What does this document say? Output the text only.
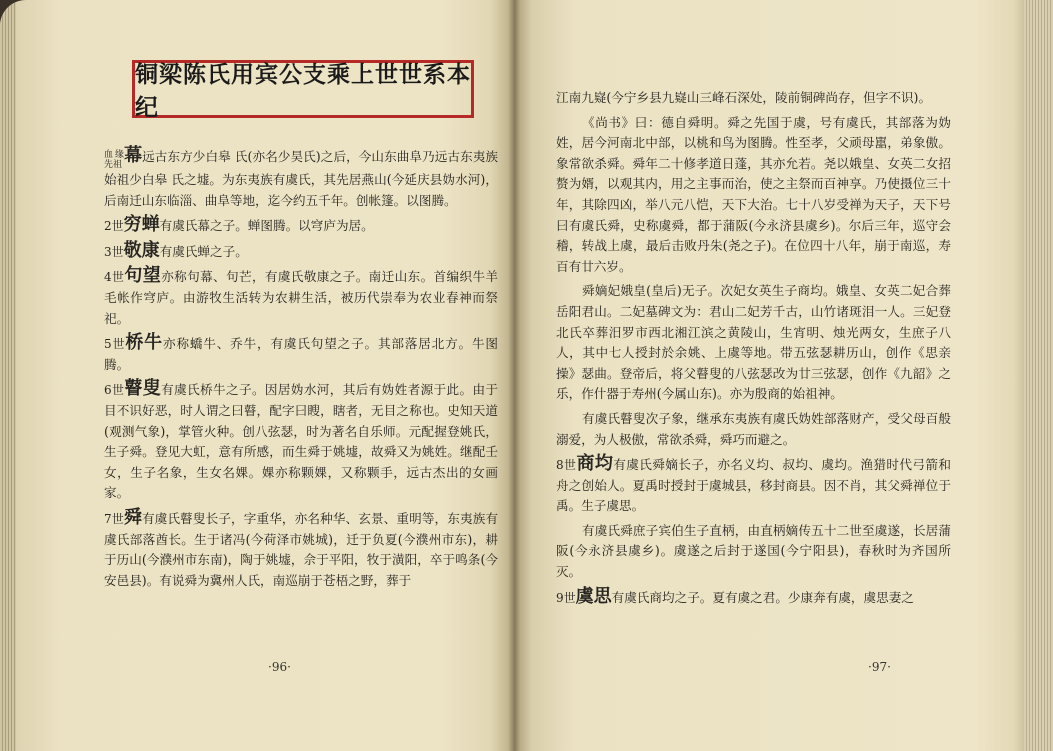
铜梁陈氏用宾公支乘上世世系本纪

血缘先祖 幕远古东方少白皋 氏(亦名少昊氏)之后，今山东曲阜乃远古东夷族始祖少白皋 氏之墟。为东夷族有虞氏，其先居燕山(今延庆县妫水河)，后南迁山东临淄、曲阜等地，迄今约五千年。创帐篷。以图腾。

2世穷蝉有虞氏幕之子。蝉图腾。以穹庐为居。

3世敬康有虞氏蝉之子。

4世句望亦称句幕、句芒，有虞氏敬康之子。南迁山东。首编织牛羊毛帐作穹庐。由游牧生活转为农耕生活，被历代崇奉为农业春神而祭祀。

5世桥牛亦称蟜牛、乔牛，有虞氏句望之子。其部落居北方。牛图腾。

6世瞽叟有虞氏桥牛之子。因居妫水河，其后有妫姓者源于此。由于目不识好恶，时人谓之曰瞽，配字曰瞍，瞎者，无目之称也。史知天道(观测气象)，掌管火种。创八弦瑟，时为著名自乐师。元配握登姚氏，生子舜。登见大虹，意有所感，而生舜于姚墟，故舜又为姚姓。继配壬女，生子名象，生女名婐。婐亦称颗婐，又称颗手，远古杰出的女画家。

7世舜有虞氏瞽叟长子，字重华，亦名种华、玄景、重明等，东夷族有虞氏部落酋长。生于诸冯(今荷泽市姚城)，迁于负夏(今濮州市东)，耕于历山(今濮州市东南)，陶于姚墟，佘于平阳，牧于潢阳，卒于鸣条(今安邑县)。有说舜为冀州人氏，南巡崩于苍梧之野，葬于

·96·

江南九嶷(今宁乡县九嶷山三峰石深处，陵前铜碑尚存，但字不识)。

《尚书》曰：德自舜明。舜之先国于虞，号有虞氏，其部落为妫姓，居今河南北中部，以桃和鸟为图腾。性至孝，父顽母嚚，弟象傲。象常欲杀舜。舜年二十修孝道日蓬，其亦允若。尧以娥皇、女英二女招赘为婿，以观其内，用之主事而治，使之主祭而百神享。乃使摄位三十年，其除四凶，举八元八恺，天下大治。七十八岁受禅为天子，天下号曰有虞氏舜，史称虞舜，都于蒲阪(今永济县虞乡)。尔后三年，巡守会稽，转战上虞，最后击败丹朱(尧之子)。在位四十八年，崩于南巡，寿百有廿六岁。

舜嫡妃娥皇(皇后)无子。次妃女英生子商均。娥皇、女英二妃合葬岳阳君山。二妃墓碑文为：君山二妃芳千古，山竹诸斑泪一人。三妃登北氏卒葬汨罗市西北湘江滨之黄陵山，生宵明、烛光两女，生庶子八人，其中七人授封於余姚、上虞等地。带五弦瑟耕历山，创作《思亲操》瑟曲。登帝后，将父瞽叟的八弦瑟改为廿三弦瑟，创作《九韶》之乐，作什器于寿州(今属山东)。亦为殷商的始祖神。

有虞氏瞽叟次子象，继承东夷族有虞氏妫姓部落财产，受父母百般溺爱，为人极傲，常欲杀舜，舜巧而避之。

8世商均有虞氏舜嫡长子，亦名义均、叔均、虞均。渔猎时代弓箭和舟之创始人。夏禹时授封于虞城县，移封商县。因不肖，其父舜禅位于禹。生子虞思。

有虞氏舜庶子宾伯生子直柄，由直柄嫡传五十二世至虞遂，长居蒲阪(今永济县虞乡)。虞遂之后封于遂国(今宁阳县)，春秋时为齐国所灭。

9世虞思有虞氏商均之子。夏有虞之君。少康奔有虞，虞思妻之

·97·
